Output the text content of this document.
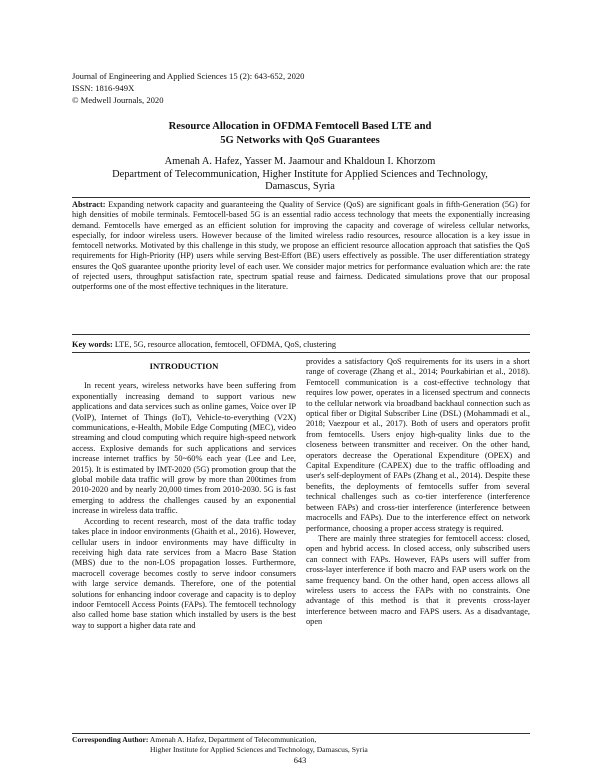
Journal of Engineering and Applied Sciences 15 (2): 643-652, 2020
ISSN: 1816-949X
© Medwell Journals, 2020
Resource Allocation in OFDMA Femtocell Based LTE and
5G Networks with QoS Guarantees
Amenah A. Hafez, Yasser M. Jaamour and Khaldoun I. Khorzom
Department of Telecommunication, Higher Institute for Applied Sciences and Technology,
Damascus, Syria
Abstract: Expanding network capacity and guaranteeing the Quality of Service (QoS) are significant goals in fifth-Generation (5G) for high densities of mobile terminals. Femtocell-based 5G is an essential radio access technology that meets the exponentially increasing demand. Femtocells have emerged as an efficient solution for improving the capacity and coverage of wireless cellular networks, especially, for indoor wireless users. However because of the limited wireless radio resources, resource allocation is a key issue in femtocell networks. Motivated by this challenge in this study, we propose an efficient resource allocation approach that satisfies the QoS requirements for High-Priority (HP) users while serving Best-Effort (BE) users effectively as possible. The user differentiation strategy ensures the QoS guarantee uponthe priority level of each user. We consider major metrics for performance evaluation which are: the rate of rejected users, throughput satisfaction rate, spectrum spatial reuse and fairness. Dedicated simulations prove that our proposal outperforms one of the most effective techniques in the literature.
Key words: LTE, 5G, resource allocation, femtocell, OFDMA, QoS, clustering
INTRODUCTION

In recent years, wireless networks have been suffering from exponentially increasing demand to support various new applications and data services such as online games, Voice over IP (VoIP), Internet of Things (IoT), Vehicle-to-everything (V2X) communications, e-Health, Mobile Edge Computing (MEC), video streaming and cloud computing which require high-speed network access. Explosive demands for such applications and services increase internet traffics by 50~60% each year (Lee and Lee, 2015). It is estimated by IMT-2020 (5G) promotion group that the global mobile data traffic will grow by more than 200times from 2010-2020 and by nearly 20,000 times from 2010-2030. 5G is fast emerging to address the challenges caused by an exponential increase in wireless data traffic.

According to recent research, most of the data traffic today takes place in indoor environments (Ghaith et al., 2016). However, cellular users in indoor environments may have difficulty in receiving high data rate services from a Macro Base Station (MBS) due to the non-LOS propagation losses. Furthermore, macrocell coverage becomes costly to serve indoor consumers with large service demands. Therefore, one of the potential solutions for enhancing indoor coverage and capacity is to deploy indoor Femtocell Access Points (FAPs). The femtocell technology also called home base station which installed by users is the best way to support a higher data rate and

provides a satisfactory QoS requirements for its users in a short range of coverage (Zhang et al., 2014; Pourkabirian et al., 2018). Femtocell communication is a cost-effective technology that requires low power, operates in a licensed spectrum and connects to the cellular network via broadband backhaul connection such as optical fiber or Digital Subscriber Line (DSL) (Mohammadi et al., 2018; Vaezpour et al., 2017). Both of users and operators profit from femtocells. Users enjoy high-quality links due to the closeness between transmitter and receiver. On the other hand, operators decrease the Operational Expenditure (OPEX) and Capital Expenditure (CAPEX) due to the traffic offloading and user's self-deployment of FAPs (Zhang et al., 2014). Despite these benefits, the deployments of femtocells suffer from several technical challenges such as co-tier interference (interference between FAPs) and cross-tier interference (interference between macrocells and FAPs). Due to the interference effect on network performance, choosing a proper access strategy is required.

There are mainly three strategies for femtocell access: closed, open and hybrid access. In closed access, only subscribed users can connect with FAPs. However, FAPs users will suffer from cross-layer interference if both macro and FAP users work on the same frequency band. On the other hand, open access allows all wireless users to access the FAPs with no constraints. One advantage of this method is that it prevents cross-layer interference between macro and FAPS users. As a disadvantage, open

Corresponding Author: Amenah A. Hafez, Department of Telecommunication,
Higher Institute for Applied Sciences and Technology, Damascus, Syria
643
